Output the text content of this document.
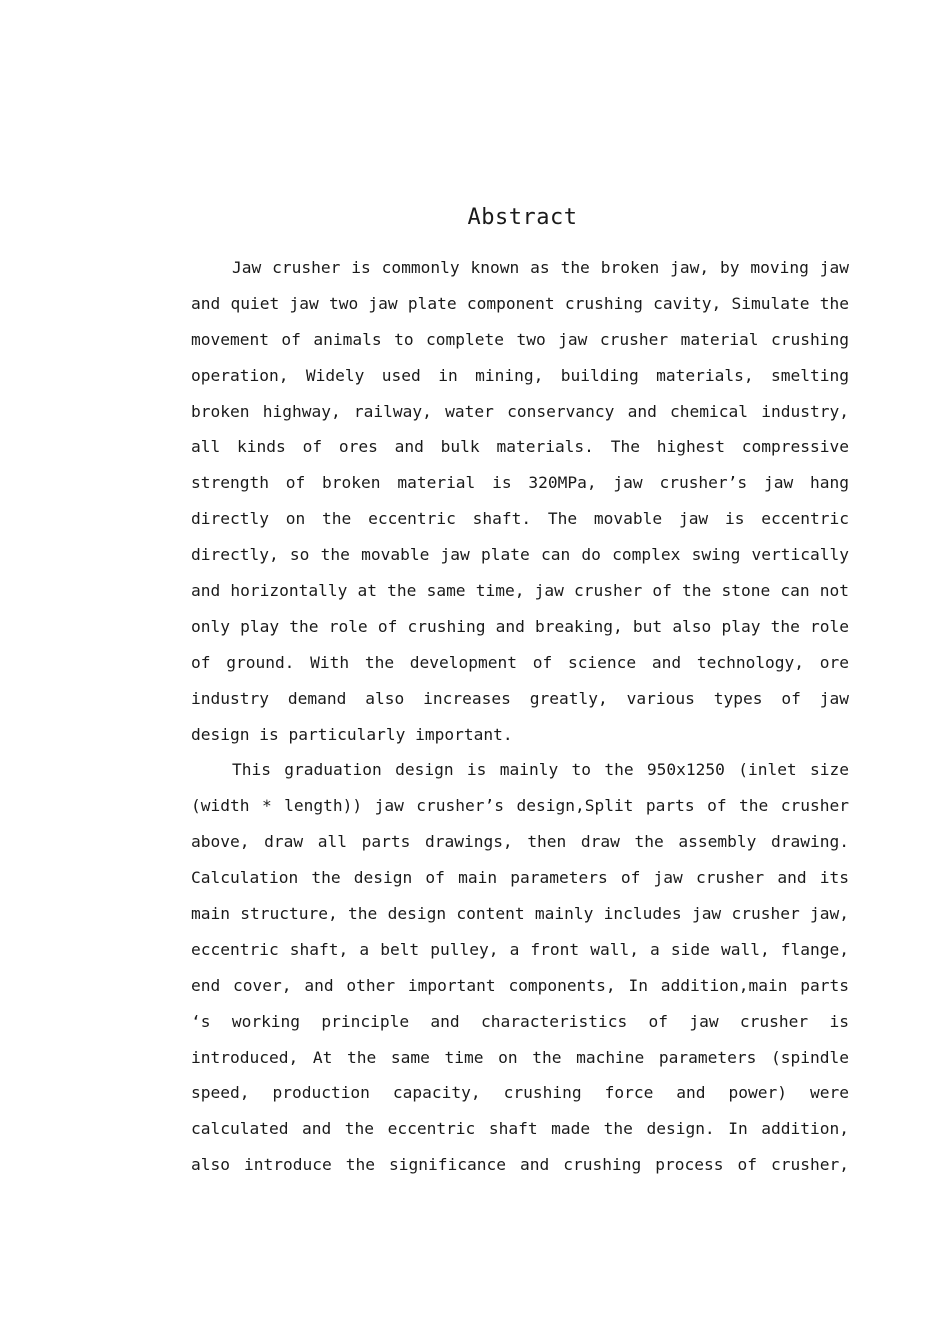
Abstract
Jaw crusher is commonly known as the broken jaw, by moving jaw
and quiet jaw two jaw plate component crushing cavity, Simulate the
movement of animals to complete two jaw crusher material crushing
operation, Widely used in mining, building materials, smelting
broken highway, railway, water conservancy and chemical industry,
all kinds of ores and bulk materials. The highest compressive
strength of broken material is 320MPa, jaw crusher’s jaw hang
directly on the eccentric shaft. The movable jaw is eccentric
directly, so the movable jaw plate can do complex swing vertically
and horizontally at the same time, jaw crusher of the stone can not
only play the role of crushing and breaking, but also play the role
of ground. With the development of science and technology, ore
industry demand also increases greatly, various types of jaw
design is particularly important.
This graduation design is mainly to the 950x1250 (inlet size
(width * length)) jaw crusher’s design,Split parts of the crusher
above, draw all parts drawings, then draw the assembly drawing.
Calculation the design of main parameters of jaw crusher and its
main structure, the design content mainly includes jaw crusher jaw,
eccentric shaft, a belt pulley, a front wall, a side wall, flange,
end cover, and other important components, In addition,main parts
‘s working principle and characteristics of jaw crusher is
introduced, At the same time on the machine parameters (spindle
speed, production capacity, crushing force and power) were
calculated and the eccentric shaft made the design. In addition,
also introduce the significance and crushing process of crusher,
